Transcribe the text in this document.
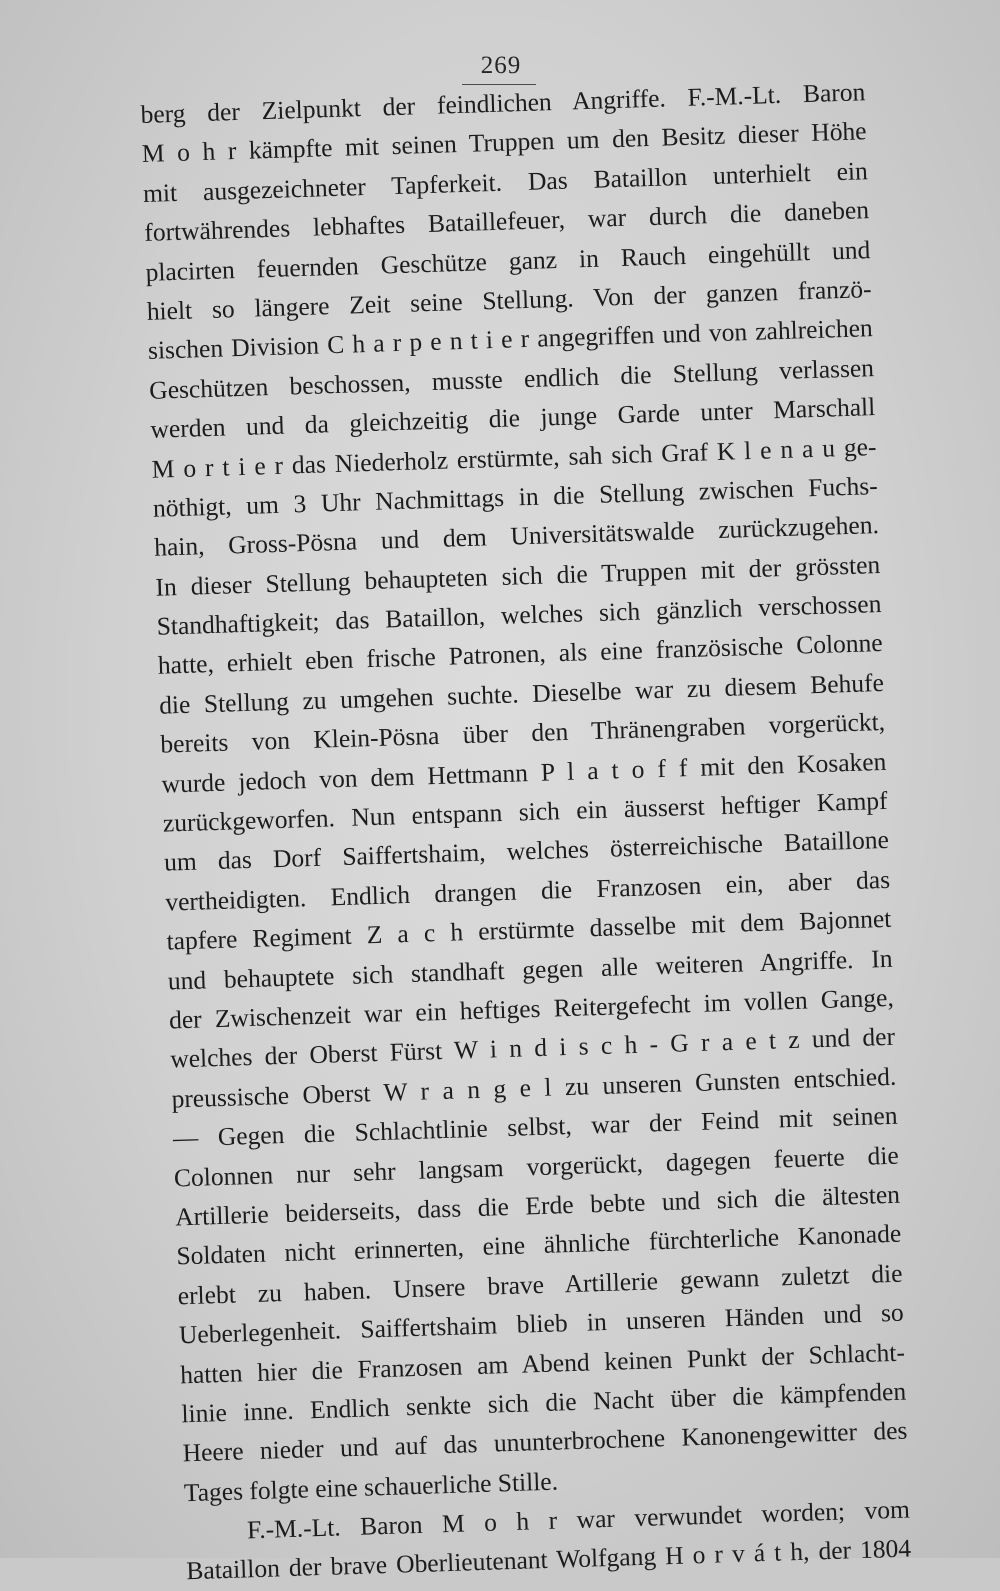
269
berg der Zielpunkt der feindlichen Angriffe. F.-M.-Lt. Baron
M o h r kämpfte mit seinen Truppen um den Besitz dieser Höhe
mit ausgezeichneter Tapferkeit. Das Bataillon unterhielt ein
fortwährendes lebhaftes Bataillefeuer, war durch die daneben
placirten feuernden Geschütze ganz in Rauch eingehüllt und
hielt so längere Zeit seine Stellung. Von der ganzen franzö-
sischen Division C h a r p e n t i e r angegriffen und von zahlreichen
Geschützen beschossen, musste endlich die Stellung verlassen
werden und da gleichzeitig die junge Garde unter Marschall
M o r t i e r das Niederholz erstürmte, sah sich Graf K l e n a u ge-
nöthigt, um 3 Uhr Nachmittags in die Stellung zwischen Fuchs-
hain, Gross-Pösna und dem Universitätswalde zurückzugehen.
In dieser Stellung behaupteten sich die Truppen mit der grössten
Standhaftigkeit; das Bataillon, welches sich gänzlich verschossen
hatte, erhielt eben frische Patronen, als eine französische Colonne
die Stellung zu umgehen suchte. Dieselbe war zu diesem Behufe
bereits von Klein-Pösna über den Thränengraben vorgerückt,
wurde jedoch von dem Hettmann P l a t o f f mit den Kosaken
zurückgeworfen. Nun entspann sich ein äusserst heftiger Kampf
um das Dorf Saiffertshaim, welches österreichische Bataillone
vertheidigten. Endlich drangen die Franzosen ein, aber das
tapfere Regiment Z a c h erstürmte dasselbe mit dem Bajonnet
und behauptete sich standhaft gegen alle weiteren Angriffe. In
der Zwischenzeit war ein heftiges Reitergefecht im vollen Gange,
welches der Oberst Fürst W i n d i s c h - G r a e t z und der
preussische Oberst W r a n g e l zu unseren Gunsten entschied.
— Gegen die Schlachtlinie selbst, war der Feind mit seinen
Colonnen nur sehr langsam vorgerückt, dagegen feuerte die
Artillerie beiderseits, dass die Erde bebte und sich die ältesten
Soldaten nicht erinnerten, eine ähnliche fürchterliche Kanonade
erlebt zu haben. Unsere brave Artillerie gewann zuletzt die
Ueberlegenheit. Saiffertshaim blieb in unseren Händen und so
hatten hier die Franzosen am Abend keinen Punkt der Schlacht-
linie inne. Endlich senkte sich die Nacht über die kämpfenden
Heere nieder und auf das ununterbrochene Kanonengewitter des
Tages folgte eine schauerliche Stille.
F.-M.-Lt. Baron M o h r war verwundet worden; vom
Bataillon der brave Oberlieutenant Wolfgang H o r v á t h, der 1804
